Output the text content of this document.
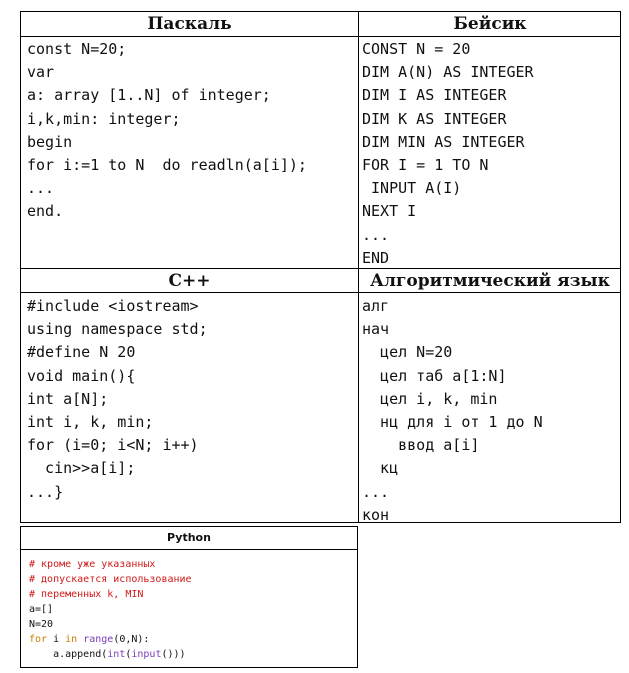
Паскаль
const N=20;
var
a: array [1..N] of integer;
i,k,min: integer;
begin
for i:=1 to N  do readln(a[i]);
...
end.
Бейсик
CONST N = 20
DIM A(N) AS INTEGER
DIM I AS INTEGER
DIM K AS INTEGER
DIM MIN AS INTEGER
FOR I = 1 TO N
INPUT A(I)
NEXT I
...
END
C++
#include <iostream>
using namespace std;
#define N 20
void main(){
int a[N];
int i, k, min;
for (i=0; i<N; i++)
cin>>a[i];
...}
Алгоритмический язык
алг
нач
цел N=20
цел таб a[1:N]
цел i, k, min
нц для i от 1 до N
ввод a[i]
кц
...
кон
Python
# кроме уже указанных
# допускается использование
# переменных k, MIN
a=[]
N=20
for i in range(0,N):
a.append(int(input()))
